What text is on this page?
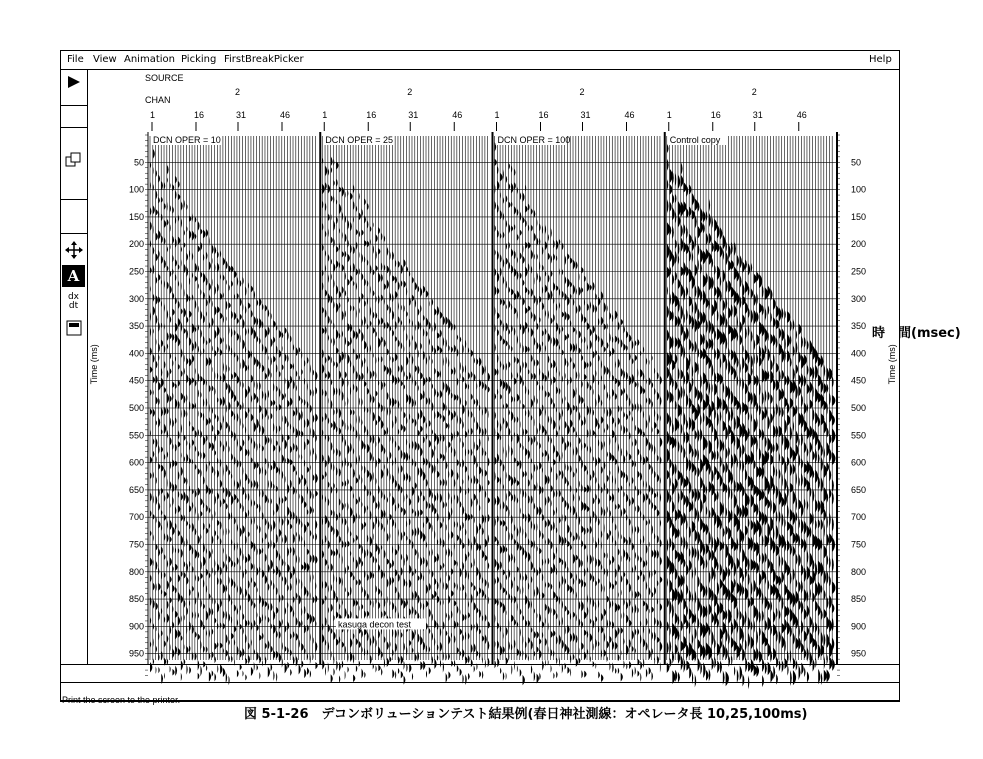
File View Animation Picking FirstBreakPicker	Help
A
dx
dt
SOURCE
CHAN
2
1	16	31	46
2
1	16	31	46
2
1	16	31	46
2
1	16	31	46
DCN OPER = 10	DCN OPER = 25	DCN OPER = 100	Control copy
50	50
100	100
150	150
200	200
250	250
300	300
350	350
400	400
450	450
500	500
550	550
600	600
650	650
700	700
750	750
800	800
850	850
900	900
950	950
Time (ms)	Time (ms)
kasuga decon test
Print the screen to the printer.
時　間(msec)
図 5-1-26　デコンボリューションテスト結果例(春日神社測線：オペレータ長 10,25,100ms)
